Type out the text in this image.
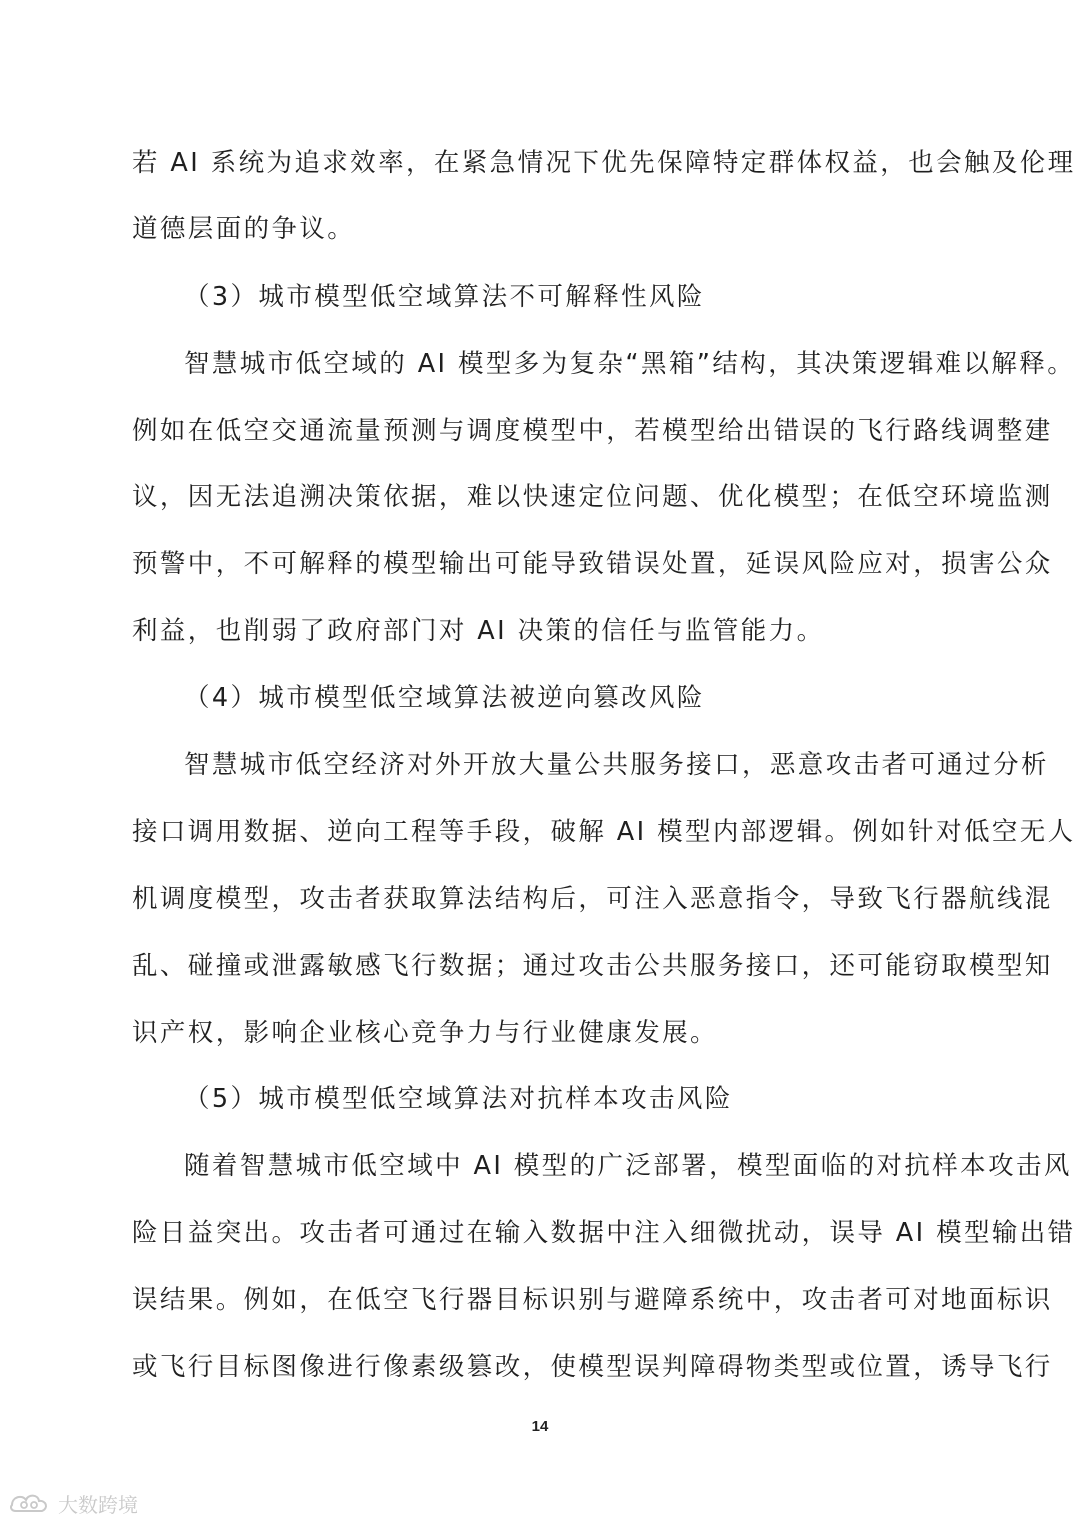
若 AI 系统为追求效率，在紧急情况下优先保障特定群体权益，也会触及伦理
道德层面的争议。
（3）城市模型低空域算法不可解释性风险
智慧城市低空域的 AI 模型多为复杂“黑箱”结构，其决策逻辑难以解释。
例如在低空交通流量预测与调度模型中，若模型给出错误的飞行路线调整建
议，因无法追溯决策依据，难以快速定位问题、优化模型；在低空环境监测
预警中，不可解释的模型输出可能导致错误处置，延误风险应对，损害公众
利益，也削弱了政府部门对 AI 决策的信任与监管能力。
（4）城市模型低空域算法被逆向篡改风险
智慧城市低空经济对外开放大量公共服务接口，恶意攻击者可通过分析
接口调用数据、逆向工程等手段，破解 AI 模型内部逻辑。例如针对低空无人
机调度模型，攻击者获取算法结构后，可注入恶意指令，导致飞行器航线混
乱、碰撞或泄露敏感飞行数据；通过攻击公共服务接口，还可能窃取模型知
识产权，影响企业核心竞争力与行业健康发展。
（5）城市模型低空域算法对抗样本攻击风险
随着智慧城市低空域中 AI 模型的广泛部署，模型面临的对抗样本攻击风
险日益突出。攻击者可通过在输入数据中注入细微扰动，误导 AI 模型输出错
误结果。例如，在低空飞行器目标识别与避障系统中，攻击者可对地面标识
或飞行目标图像进行像素级篡改，使模型误判障碍物类型或位置，诱导飞行
14
大数跨境
